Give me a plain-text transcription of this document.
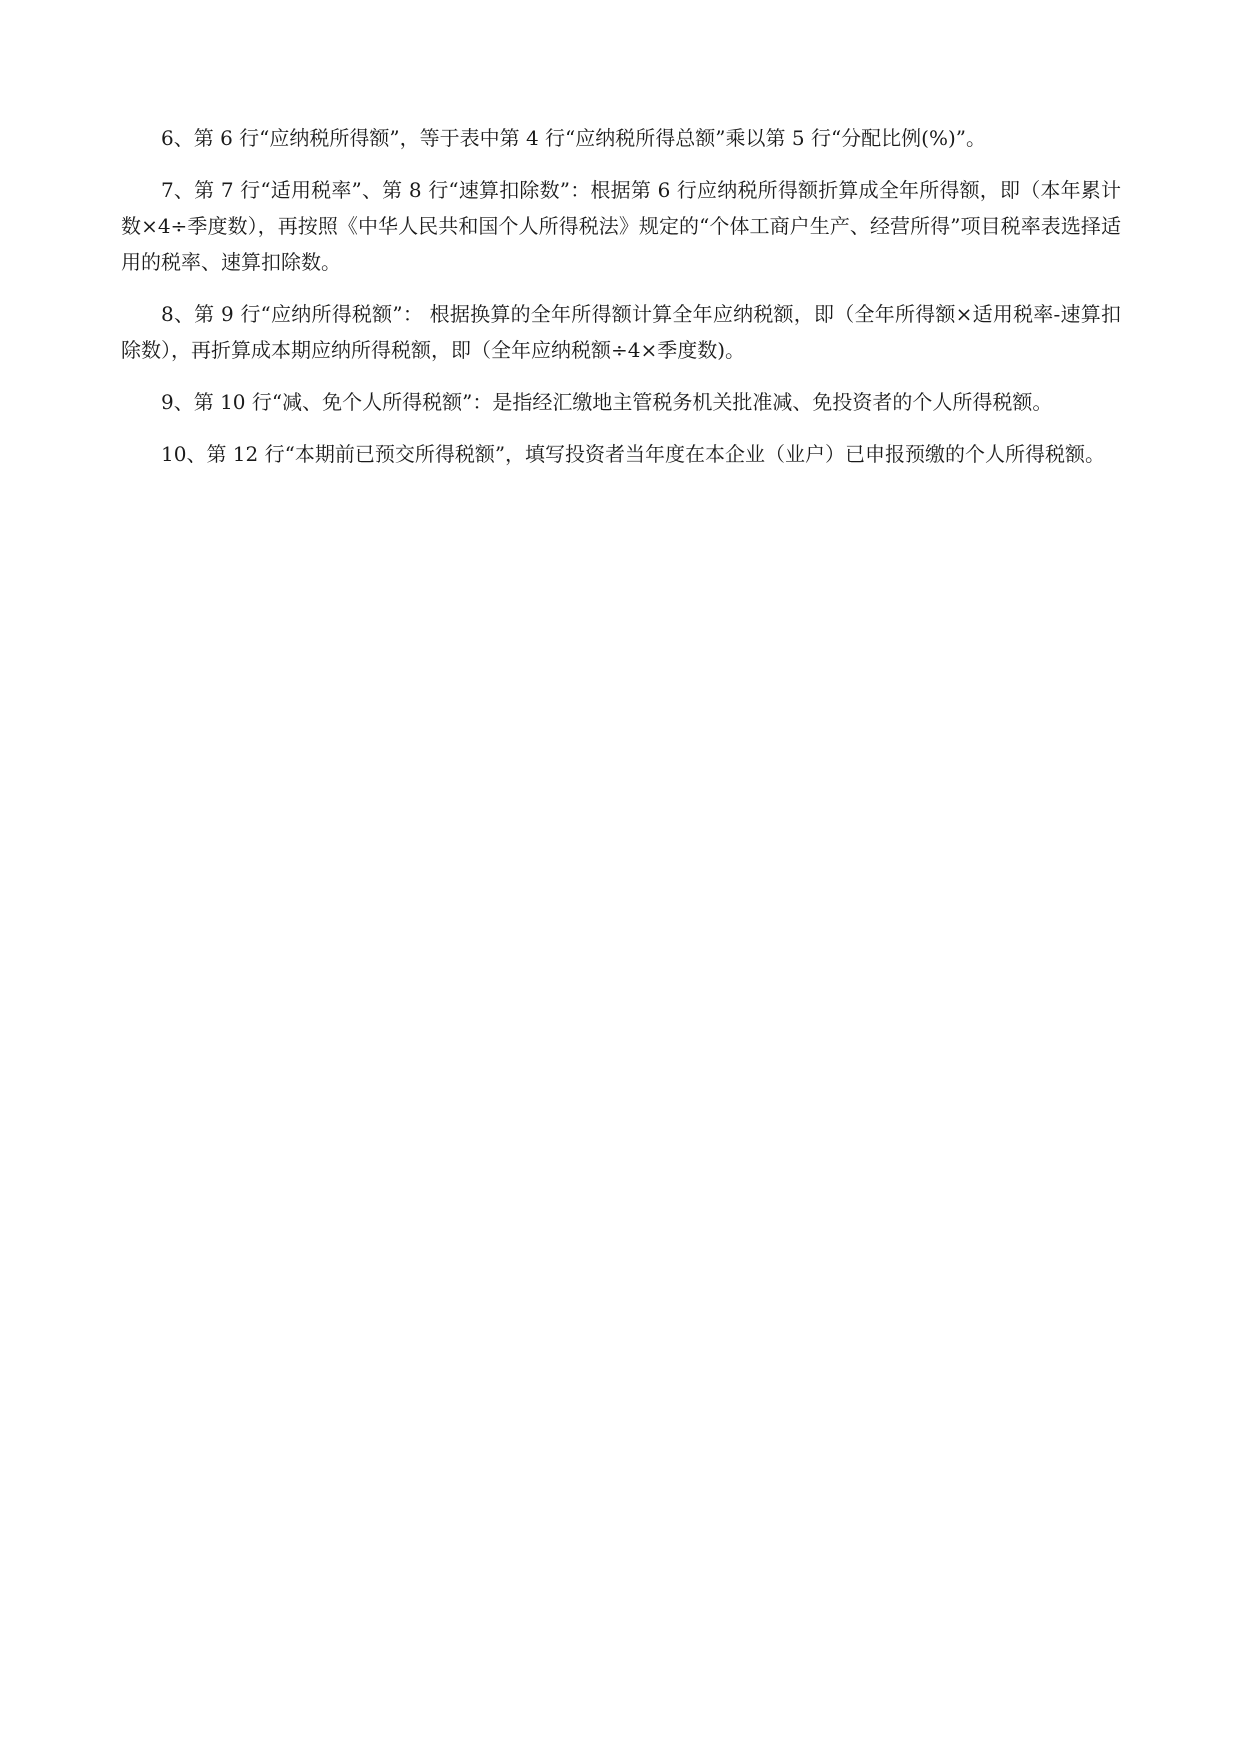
6、第 6 行“应纳税所得额”，等于表中第 4 行“应纳税所得总额”乘以第 5 行“分配比例(%)”。

7、第 7 行“适用税率”、第 8 行“速算扣除数”：根据第 6 行应纳税所得额折算成全年所得额，即（本年累计数×4÷季度数），再按照《中华人民共和国个人所得税法》规定的“个体工商户生产、经营所得”项目税率表选择适用的税率、速算扣除数。

8、第 9 行“应纳所得税额”： 根据换算的全年所得额计算全年应纳税额，即（全年所得额×适用税率-速算扣除数），再折算成本期应纳所得税额，即（全年应纳税额÷4×季度数)。

9、第 10 行“减、免个人所得税额”：是指经汇缴地主管税务机关批准减、免投资者的个人所得税额。

10、第 12 行“本期前已预交所得税额”，填写投资者当年度在本企业（业户）已申报预缴的个人所得税额。
